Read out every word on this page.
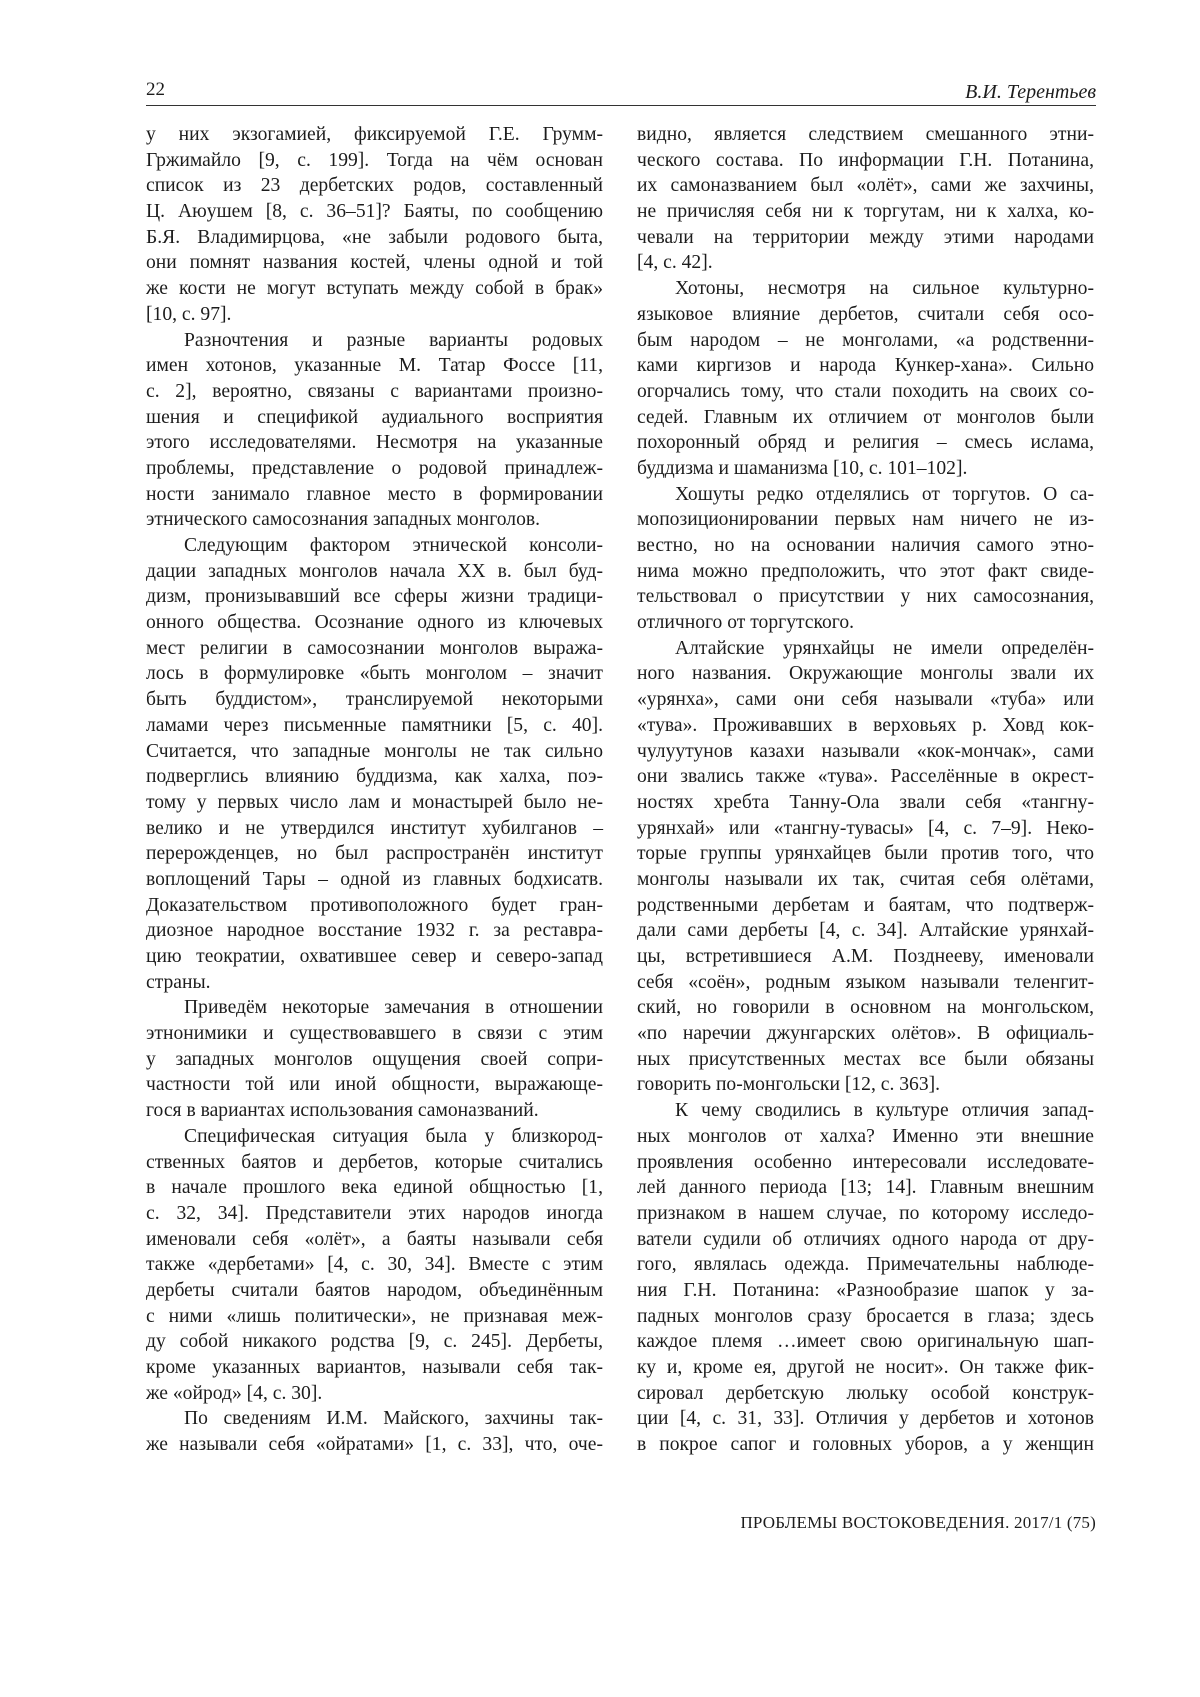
22	В.И. Терентьев
у них экзогамией, фиксируемой Г.Е. Грумм-
Гржимайло [9, с. 199]. Тогда на чём основан
список из 23 дербетских родов, составленный
Ц. Аюушем [8, с. 36–51]? Баяты, по сообщению
Б.Я. Владимирцова, «не забыли родового быта,
они помнят названия костей, члены одной и той
же кости не могут вступать между собой в брак»
[10, с. 97].
Разночтения и разные варианты родовых
имен хотонов, указанные М. Татар Фоссе [11,
с. 2], вероятно, связаны с вариантами произно-
шения и спецификой аудиального восприятия
этого исследователями. Несмотря на указанные
проблемы, представление о родовой принадлеж-
ности занимало главное место в формировании
этнического самосознания западных монголов.
Следующим фактором этнической консоли-
дации западных монголов начала XX в. был буд-
дизм, пронизывавший все сферы жизни традици-
онного общества. Осознание одного из ключевых
мест религии в самосознании монголов выража-
лось в формулировке «быть монголом – значит
быть буддистом», транслируемой некоторыми
ламами через письменные памятники [5, с. 40].
Считается, что западные монголы не так сильно
подверглись влиянию буддизма, как халха, поэ-
тому у первых число лам и монастырей было не-
велико и не утвердился институт хубилганов –
перерожденцев, но был распространён институт
воплощений Тары – одной из главных бодхисатв.
Доказательством противоположного будет гран-
диозное народное восстание 1932 г. за реставра-
цию теократии, охватившее север и северо-запад
страны.
Приведём некоторые замечания в отношении
этнонимики и существовавшего в связи с этим
у западных монголов ощущения своей сопри-
частности той или иной общности, выражающе-
гося в вариантах использования самоназваний.
Специфическая ситуация была у близкород-
ственных баятов и дербетов, которые считались
в начале прошлого века единой общностью [1,
с. 32, 34]. Представители этих народов иногда
именовали себя «олёт», а баяты называли себя
также «дербетами» [4, с. 30, 34]. Вместе с этим
дербеты считали баятов народом, объединённым
с ними «лишь политически», не признавая меж-
ду собой никакого родства [9, с. 245]. Дербеты,
кроме указанных вариантов, называли себя так-
же «ойрод» [4, с. 30].
По сведениям И.М. Майского, захчины так-
же называли себя «ойратами» [1, с. 33], что, оче-
видно, является следствием смешанного этни-
ческого состава. По информации Г.Н. Потанина,
их самоназванием был «олёт», сами же захчины,
не причисляя себя ни к торгутам, ни к халха, ко-
чевали на территории между этими народами
[4, с. 42].
Хотоны, несмотря на сильное культурно-
языковое влияние дербетов, считали себя осо-
бым народом – не монголами, «а родственни-
ками киргизов и народа Кункер-хана». Сильно
огорчались тому, что стали походить на своих со-
седей. Главным их отличием от монголов были
похоронный обряд и религия – смесь ислама,
буддизма и шаманизма [10, с. 101–102].
Хошуты редко отделялись от торгутов. О са-
мопозиционировании первых нам ничего не из-
вестно, но на основании наличия самого этно-
нима можно предположить, что этот факт свиде-
тельствовал о присутствии у них самосознания,
отличного от торгутского.
Алтайские урянхайцы не имели определён-
ного названия. Окружающие монголы звали их
«урянха», сами они себя называли «туба» или
«тува». Проживавших в верховьях р. Ховд кок-
чулуутунов казахи называли «кок-мончак», сами
они звались также «тува». Расселённые в окрест-
ностях хребта Танну-Ола звали себя «тангну-
урянхай» или «тангну-тувасы» [4, с. 7–9]. Неко-
торые группы урянхайцев были против того, что
монголы называли их так, считая себя олётами,
родственными дербетам и баятам, что подтверж-
дали сами дербеты [4, с. 34]. Алтайские урянхай-
цы, встретившиеся А.М. Позднееву, именовали
себя «соён», родным языком называли теленгит-
ский, но говорили в основном на монгольском,
«по наречии джунгарских олётов». В официаль-
ных присутственных местах все были обязаны
говорить по-монгольски [12, с. 363].
К чему сводились в культуре отличия запад-
ных монголов от халха? Именно эти внешние
проявления особенно интересовали исследовате-
лей данного периода [13; 14]. Главным внешним
признаком в нашем случае, по которому исследо-
ватели судили об отличиях одного народа от дру-
гого, являлась одежда. Примечательны наблюде-
ния Г.Н. Потанина: «Разнообразие шапок у за-
падных монголов сразу бросается в глаза; здесь
каждое племя …имеет свою оригинальную шап-
ку и, кроме ея, другой не носит». Он также фик-
сировал дербетскую люльку особой конструк-
ции [4, с. 31, 33]. Отличия у дербетов и хотонов
в покрое сапог и головных уборов, а у женщин
ПРОБЛЕМЫ ВОСТОКОВЕДЕНИЯ. 2017/1 (75)
